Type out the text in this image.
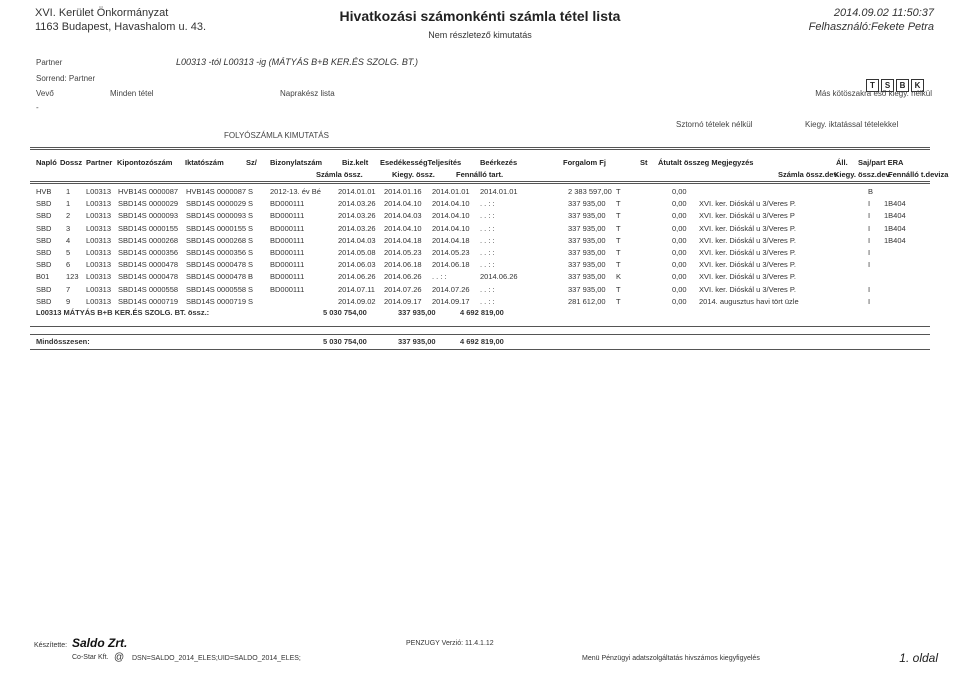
XVI. Kerület Önkormányzat
1163 Budapest, Havashalom u. 43.
Hivatkozási számonkénti számla tétel lista
Nem részletező kimutatás
2014.09.02 11:50:37
Felhasználó:Fekete Petra
Partner	L00313 -tól L00313 -ig (MÁTYÁS B+B KER.ÉS SZOLG. BT.)
Sorrend: Partner
Vevő	Minden tétel	Naprakész lista
T	S	B	K
Más kötöszakra eső kiegy. nélkül
-
Sztornó tételek nélkül	Kiegy. iktatással tételekkel
FOLYÓSZÁMLA KIMUTATÁS
Napló Dossz Partner Kipontozószám Iktatószám	Sz/ Bizonylatszám	Biz.kelt EsedékességTeljesítés	Beérkezés	Forgalom Fj	St Átutalt összeg Megjegyzés	Áll. Saj/part ERA
Számla össz.	Kiegy. össz.	Fennálló tart.	Számla össz.dev.
Kiegy. össz.dev.
Fennálló t.deviza
HVB 1 L00313 HVB14S 0000087 HVB14S 0000087 S 2012-13. év Bé 2014.01.01 2014.01.16 2014.01.01 2014.01.01	2 383 597,00 T	0,00	B
SBD 1 L00313 SBD14S 0000029 SBD14S 0000029 S BD000111	2014.03.26 2014.04.10 2014.04.10 . . : :	337 935,00 T	0,00 XVI. ker. Dióskál u 3/Veres P.	I 1B404
SBD 2 L00313 SBD14S 0000093 SBD14S 0000093 S BD000111	2014.03.26 2014.04.03 2014.04.10 . . : :	337 935,00 T	0,00 XVI. ker. Dióskál u 3/Veres P	I 1B404
SBD 3 L00313 SBD14S 0000155 SBD14S 0000155 S BD000111	2014.03.26 2014.04.10 2014.04.10 . . : :	337 935,00 T	0,00 XVI. ker. Dióskál u 3/Veres P.	I 1B404
SBD 4 L00313 SBD14S 0000268 SBD14S 0000268 S BD000111	2014.04.03 2014.04.18 2014.04.18 . . : :	337 935,00 T	0,00 XVI. ker. Dióskál u 3/Veres P.	I 1B404
SBD 5 L00313 SBD14S 0000356 SBD14S 0000356 S BD000111	2014.05.08 2014.05.23 2014.05.23 . . : :	337 935,00 T	0,00 XVI. ker. Dióskál u 3/Veres P.	I
SBD 6 L00313 SBD14S 0000478 SBD14S 0000478 S BD000111	2014.06.03 2014.06.18 2014.06.18 . . : :	337 935,00 T	0,00 XVI. ker. Dióskál u 3/Veres P.	I
B01 123 L00313 SBD14S 0000478 SBD14S 0000478 B BD000111	2014.06.26 2014.06.26 . . : :	2014.06.26	337 935,00 K	0,00 XVI. ker. Dióskál u 3/Veres P.
SBD 7 L00313 SBD14S 0000558 SBD14S 0000558 S BD000111	2014.07.11 2014.07.26 2014.07.26 . . : :	337 935,00 T	0,00 XVI. ker. Dióskál u 3/Veres P.	I
SBD 9 L00313 SBD14S 0000719 SBD14S 0000719 S	2014.09.02 2014.09.17 2014.09.17 . . : :	281 612,00 T	0,00 2014. augusztus havi tört üzle	I
L00313 MÁTYÁS B+B KER.ÉS SZOLG. BT. össz.:	5 030 754,00	337 935,00	4 692 819,00
Mindösszesen:	5 030 754,00	337 935,00	4 692 819,00
Készítette: Saldo Zrt.
Co-Star Kft. @ DSN=SALDO_2014_ELES;UID=SALDO_2014_ELES;
PENZUGY Verzió: 11.4.1.12
Menü Pénzügyi adatszolgáltatás hivszámos kiegyfigyelés	1. oldal
